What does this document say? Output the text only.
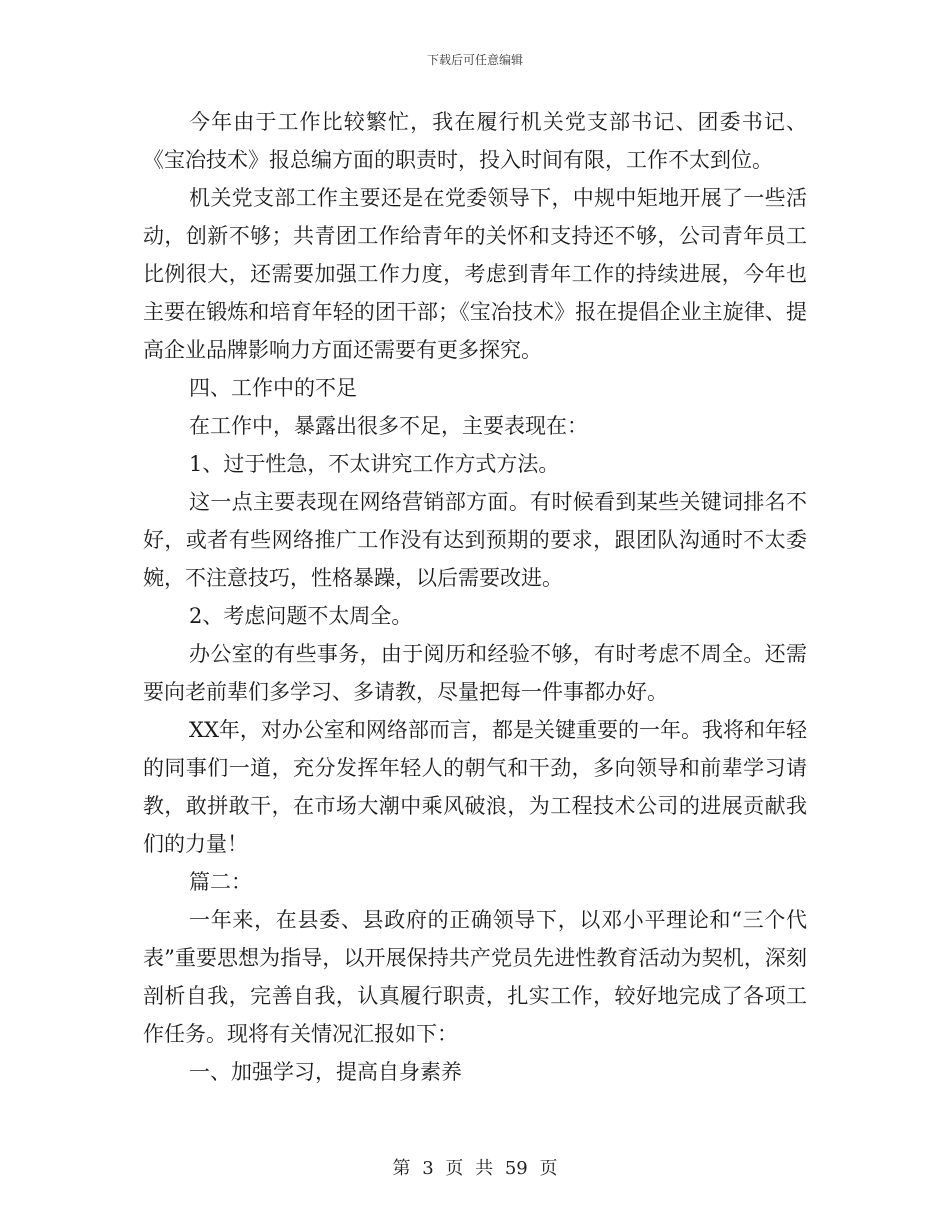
下载后可任意编辑

今年由于工作比较繁忙，我在履行机关党支部书记、团委书记、《宝冶技术》报总编方面的职责时，投入时间有限，工作不太到位。

机关党支部工作主要还是在党委领导下，中规中矩地开展了一些活动，创新不够；共青团工作给青年的关怀和支持还不够，公司青年员工比例很大，还需要加强工作力度，考虑到青年工作的持续进展，今年也主要在锻炼和培育年轻的团干部；《宝冶技术》报在提倡企业主旋律、提高企业品牌影响力方面还需要有更多探究。

四、工作中的不足

在工作中，暴露出很多不足，主要表现在：

1、过于性急，不太讲究工作方式方法。

这一点主要表现在网络营销部方面。有时候看到某些关键词排名不好，或者有些网络推广工作没有达到预期的要求，跟团队沟通时不太委婉，不注意技巧，性格暴躁，以后需要改进。

2、考虑问题不太周全。

办公室的有些事务，由于阅历和经验不够，有时考虑不周全。还需要向老前辈们多学习、多请教，尽量把每一件事都办好。

XX年，对办公室和网络部而言，都是关键重要的一年。我将和年轻的同事们一道，充分发挥年轻人的朝气和干劲，多向领导和前辈学习请教，敢拼敢干，在市场大潮中乘风破浪，为工程技术公司的进展贡献我们的力量！

篇二：

一年来，在县委、县政府的正确领导下，以邓小平理论和“三个代表”重要思想为指导，以开展保持共产党员先进性教育活动为契机，深刻剖析自我，完善自我，认真履行职责，扎实工作，较好地完成了各项工作任务。现将有关情况汇报如下：

一、加强学习，提高自身素养

第 3 页 共 59 页
